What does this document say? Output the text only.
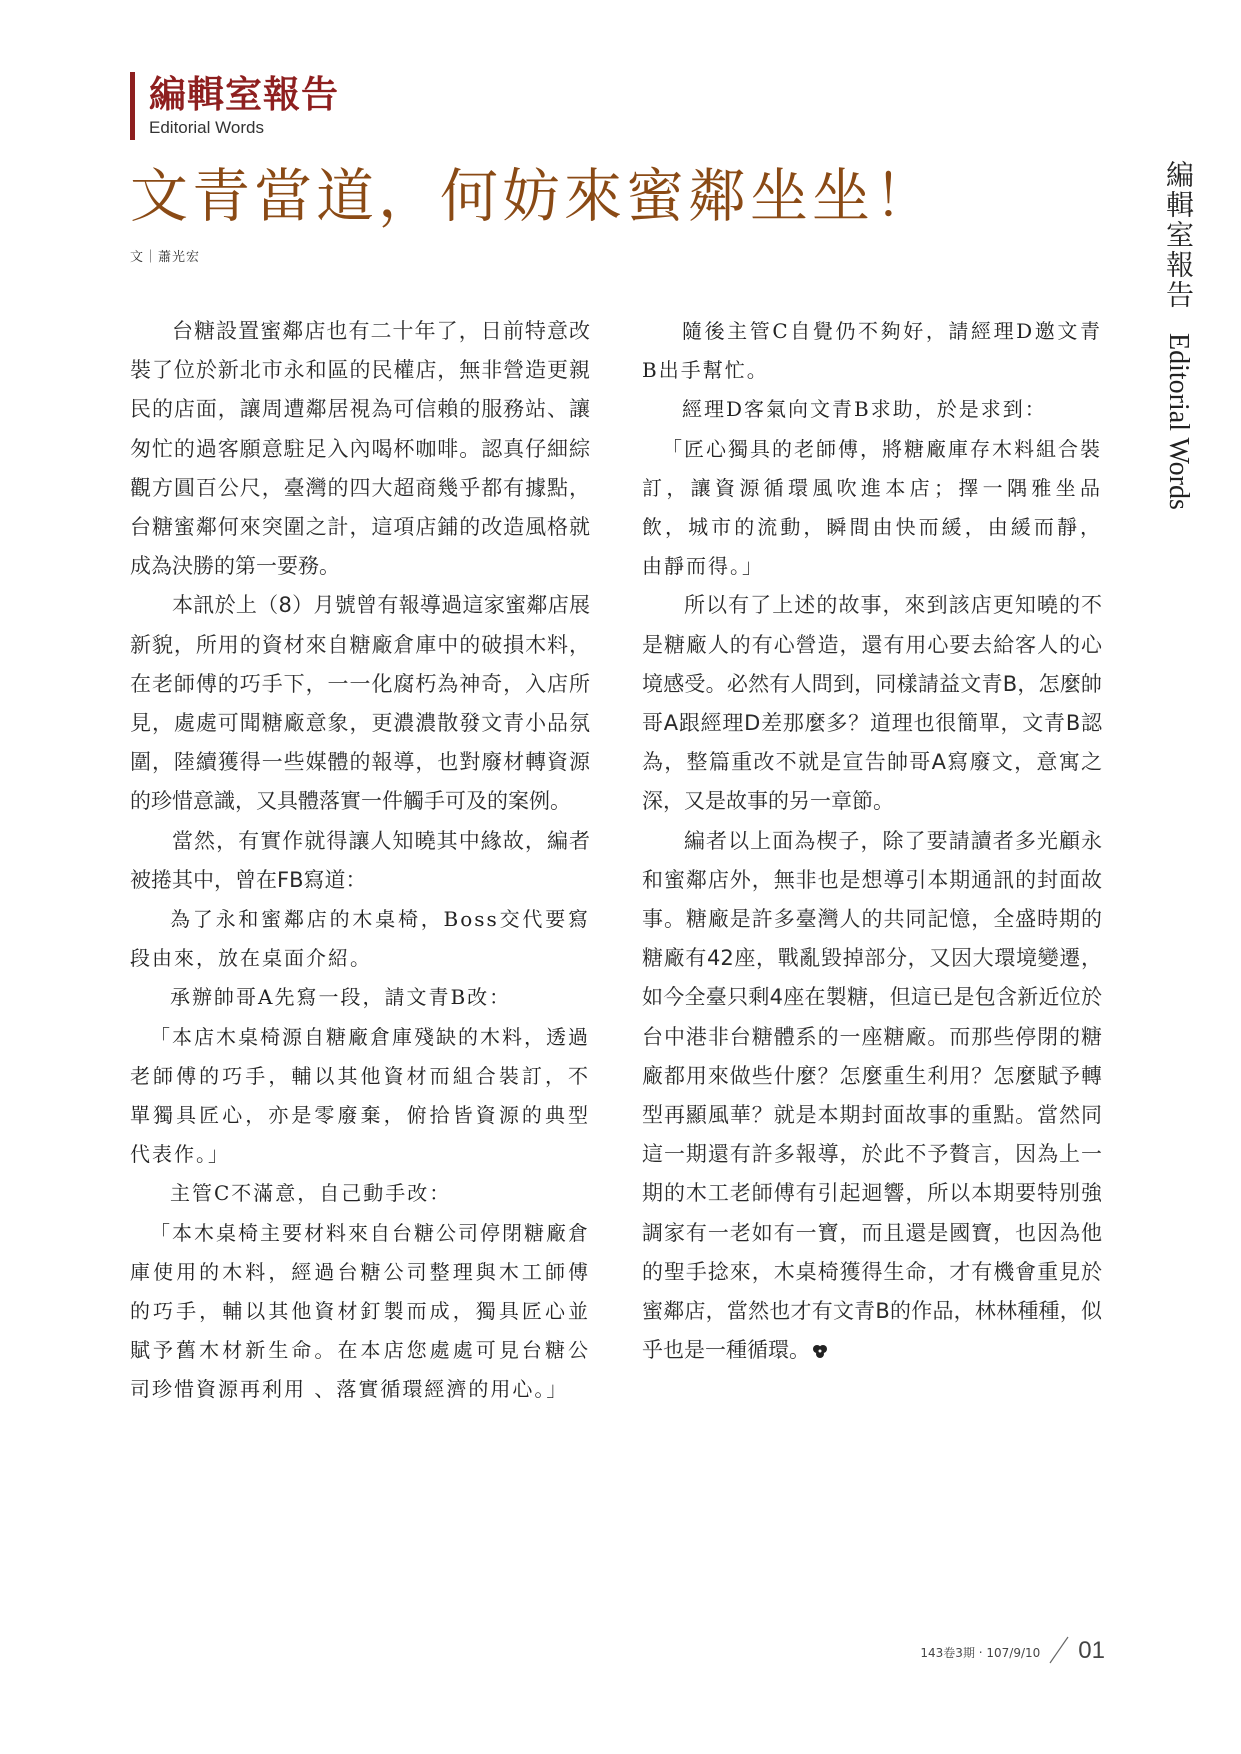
編輯室報告
Editorial Words
文青當道，何妨來蜜鄰坐坐！
文｜蕭光宏	編輯室報告 Editorial Words

台糖設置蜜鄰店也有二十年了，日前特意改裝了位於新北市永和區的民權店，無非營造更親民的店面，讓周遭鄰居視為可信賴的服務站、讓匆忙的過客願意駐足入內喝杯咖啡。認真仔細綜觀方圓百公尺，臺灣的四大超商幾乎都有據點，台糖蜜鄰何來突圍之計，這項店鋪的改造風格就成為決勝的第一要務。

本訊於上（8）月號曾有報導過這家蜜鄰店展新貌，所用的資材來自糖廠倉庫中的破損木料，在老師傅的巧手下，一一化腐朽為神奇，入店所見，處處可聞糖廠意象，更濃濃散發文青小品氛圍，陸續獲得一些媒體的報導，也對廢材轉資源的珍惜意識，又具體落實一件觸手可及的案例。

當然，有實作就得讓人知曉其中緣故，編者被捲其中，曾在FB寫道：

為了永和蜜鄰店的木桌椅，Boss交代要寫段由來，放在桌面介紹。

承辦帥哥A先寫一段，請文青B改：

「本店木桌椅源自糖廠倉庫殘缺的木料，透過老師傅的巧手，輔以其他資材而組合裝訂，不單獨具匠心，亦是零廢棄，俯拾皆資源的典型代表作。」

主管C不滿意，自己動手改：

「本木桌椅主要材料來自台糖公司停閉糖廠倉庫使用的木料，經過台糖公司整理與木工師傅的巧手，輔以其他資材釘製而成，獨具匠心並賦予舊木材新生命。在本店您處處可見台糖公司珍惜資源再利用 、落實循環經濟的用心。」

隨後主管C自覺仍不夠好，請經理D邀文青B出手幫忙。

經理D客氣向文青B求助，於是求到：

「匠心獨具的老師傅，將糖廠庫存木料組合裝訂，讓資源循環風吹進本店；擇一隅雅坐品飲，城市的流動，瞬間由快而緩，由緩而靜，由靜而得。」

所以有了上述的故事，來到該店更知曉的不是糖廠人的有心營造，還有用心要去給客人的心境感受。必然有人問到，同樣請益文青B，怎麼帥哥A跟經理D差那麼多？道理也很簡單，文青B認為，整篇重改不就是宣告帥哥A寫廢文，意寓之深，又是故事的另一章節。

編者以上面為楔子，除了要請讀者多光顧永和蜜鄰店外，無非也是想導引本期通訊的封面故事。糖廠是許多臺灣人的共同記憶，全盛時期的糖廠有42座，戰亂毀掉部分，又因大環境變遷，如今全臺只剩4座在製糖，但這已是包含新近位於台中港非台糖體系的一座糖廠。而那些停閉的糖廠都用來做些什麼？怎麼重生利用？怎麼賦予轉型再顯風華？就是本期封面故事的重點。當然同這一期還有許多報導，於此不予贅言，因為上一期的木工老師傅有引起迴響，所以本期要特別強調家有一老如有一寶，而且還是國寶，也因為他的聖手捻來，木桌椅獲得生命，才有機會重見於蜜鄰店，當然也才有文青B的作品，林林種種，似乎也是一種循環。

143卷3期 ‧ 107/9/10 01
